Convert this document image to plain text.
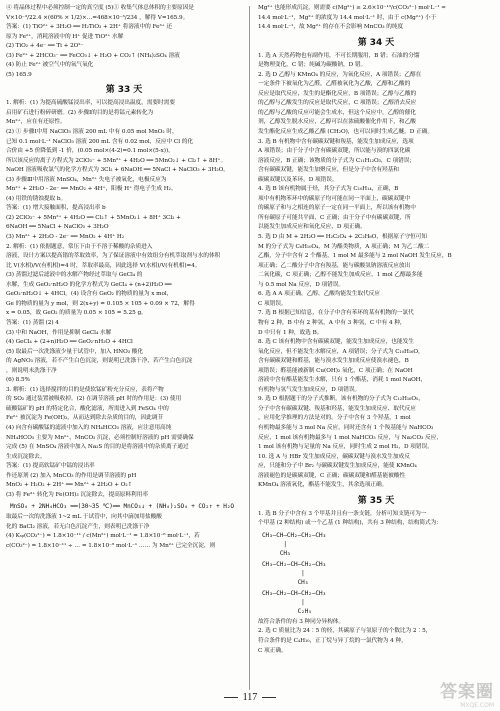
④ 将晶体过程中必须控制一定的真空度 (5)① 收集气体总体积的主要原因是
V×10⁻³/22.4 ×(60% × 1/2)×…=468×10⁻³/234 ，解得 V=165.9。
答案：(1) TiO²⁺ + 3H₂O ══ H₂TiO₃ + 2H⁺ 将溶液中的 Fe³⁺ 还
原为 Fe²⁺，消耗溶液中的 H⁺ 促进 TiO²⁺ 水解
(2) TiO₂ + 4e⁻ ══ Ti + 2O²⁻
(3) Fe²⁺ + 2HCO₃⁻ ══ FeCO₃↓ + H₂O + CO₂↑ (NH₄)₂SO₄ 溶液
(4) 防止 Fe²⁺ 被空气中的氧气氧化
(5) 165.9
第 33 天
1. 解析：(1) 为提高硫酸锰浸出率，可以提高浸出温度，需要时需要
启用矿石进行粉碎研磨。(2) 步骤Ⅰ的目的是将锰元素转化为
Mn²⁺，应在有还原性。
(2) ① 步骤Ⅰ中用 NaClO₃ 溶液 200 mL 中有 0.05 mol MnO₂ 时，
已知 0.1 mol·L⁻¹ NaClO₃ 溶液 200 mL 含有 0.02 mol，反应中 Cl 的化
合价由 +5 价降低到 -1 价，(0.05 mol×(4-2)=0.1 mol×(5-x))，
所以该反应的离子方程式为 2ClO₃⁻ + 5Mn²⁺ + 4H₂O ══ 5MnO₂↓ + Cl₂↑ + 8H⁺。
NaOH 溶液吸收氯气的化学方程式为 3Cl₂ + 6NaOH ══ 5NaCl + NaClO₃ + 3H₂O。
(3) 步骤Ⅲ中用溶液 MnSO₄，Mn²⁺ 失电子被氧化，电极反应为
Mn²⁺ + 2H₂O - 2e⁻ ══ MnO₂ + 4H⁺，阳极 H⁺ 得电子生成 H₂。
(4) 用铁的锈蚀提取 b。
答案：(1) 增大接触面积，提高浸出率 b
(2) 2ClO₃⁻ + 5Mn²⁺ + 4H₂O ══ Cl₂↑ + 5MnO₂↓ + 8H⁺ 3Cl₂ +
6NaOH ══ 5NaCl + NaClO₃ + 3H₂O
(3) Mn²⁺ + 2H₂O - 2e⁻ ══ MnO₂ + 4H⁺ H₂
2. 解析：(1) 依据题意，常压下由于不溶于稀酸的杂质进入
溶液，设计方案以提高锗的萃取效率，为了保证溶液中有效组分有机萃取剂与水的体积
比 V(水相)/V(有机相)=4 时，萃取率最高，因此选择 V(水相)/V(有机相)=4。
(3) 蒸馏过滤后滤液中的水解产物经过萃取与 GeCl₄ 的
水解，生成 GeO₂·nH₂O 的化学方程式为 GeCl₄ + (n+2)H₂O ══
GeO₂·nH₂O↓ + 4HCl。(4) 设含有 GeO₂ 的物质的量为 x mol，
Ge 的物质的量为 y mol，则 2(x+y) = 0.105 × 105 + 0.09 × 72，解得
x = 0.05，故 GeO₂ 的质量为 0.05 × 105 = 5.25 g。
答案：(1) 蒸馏 (2) 4
(3) 中和 NaOH，作用是抑制 GeCl₄ 水解
(4) GeCl₄ + (2+n)H₂O ══ GeO₂·nH₂O + 4HCl
(5) 取最后一次洗涤液少量于试管中，加入 HNO₃ 酸化
的 AgNO₃ 溶液，若不产生白色沉淀，则说明已洗涤干净，若产生白色沉淀
，则说明未洗涤干净
(6) 8.5%
3. 解析：(1) 选择搅拌的目的是使软锰矿粉充分反应，表将产物
的 SO₂ 通过装置被吸收掉。(2) 在调节溶液 pH 时的作用是：(3) 使用
硫酸锰矿的 pH 的特定化合，酸化滤液，所需进入到 FeSO₄ 中的
Fe²⁺ 被沉淀为 Fe(OH)₃，从而达到除去杂质的目的，因此调节
(4) 向含有碳酸锰的滤液中加入的 NH₄HCO₃ 溶液，应注意用高纯
NH₄HCO₃ 主要为 Mn²⁺、MnCO₃ 沉淀，必须控制好溶液的 pH 需要确保
完成 (5) 在 MnSO₄ 溶液中加入 Na₂S 的目的是将溶液中的杂质离子通过
生成沉淀除去。
答案：(1) 提高软锰矿中锰的浸出率
作还原剂 (2) 加入 MnCO₃ 的作用是调节溶液的 pH
MnO₂ + H₂O₂ + 2H⁺ ══ Mn²⁺ + 2H₂O + O₂↑
(3) 将 Fe³⁺ 转化为 Fe(OH)₃ 沉淀除去，提高原料利用率
MnSO₄ + 2NH₄HCO₃ ══(30~35 ℃)══ MnCO₃↓ + (NH₄)₂SO₄ + CO₂↑ + H₂O
取最后一次的洗涤液 1~2 mL 于试管中，向其中滴加用盐酸酸
化的 BaCl₂ 溶液，若无白色沉淀产生，则表明已洗涤干净
(4) Kₛₚ(CO₃²⁻) = 1.8×10⁻¹¹ / c(Mn²⁺) mol·L⁻¹ = 1.8×10⁻⁶ mol·L⁻¹，若
c(CO₃²⁻) = 1.8×10⁻¹¹ ÷ … = 1.8×10⁻⁶ mol·L⁻¹ …… 为 Mn²⁺ 已完全沉淀，则
Mg²⁺ 也能形成沉淀，则需要 c(Mg²⁺) ≥ 2.6×10⁻¹³/c(CO₃²⁻) mol·L⁻¹ ≈
14.4 mol·L⁻¹，Mg²⁺ 的浓度为 14.4 mol·L⁻¹ 时，由于 c(Mg²⁺) 小于
14.4 mol·L⁻¹，故 Mg²⁺ 的存在不会影响 MnCO₃ 的纯度
第 34 天
1. 选 A 天然药物也有副作用，不可长期服用，B 错；石油的分馏
是物理变化，C 错；纯碱为碳酸钠，D 错。
2. 选 D 乙醇与 KMnO₄ 的反应，为氧化反应，A 项错误；乙醇在
一定条件下被氧化为乙醛，乙醛被氧化为乙酸，乙醇和乙酸的
反应是取代反应，发生的是酯化反应，B 项错误；乙醇与乙酸的
的乙醇与乙酸发生的反应是取代反应，C 项错误；乙醇消去反应
的乙醇与乙酸的反应可能会生成水，但这个反应中，乙醇的催化
剂，乙醇发生脱水反应，乙醇可以在浓硫酸催化作用下，和乙酸
发生酯化反应生成乙酸乙酯 (CH₂O)，也可以同时生成乙醚，D 正确。
3. 选 B 有机物中含有碳碳双键和羧基，能发生加成反应，选项
A 项错误；由于分子中含有碳碳双键，所以能与溴的四氯化碳
溶液反应，B 正确；该物质的分子式为 C₁₁H₁₂O₃，C 项错误；
含有碳碳双键，能发生加聚反应，但是分子中含有羟基和
碳碳双键以及苯环，D 项错误。
4. 选 B 该有机物属于烃，其分子式为 C₁₀H₁₄，正确，B
项中有机物苯环中的碳原子均可能在同一平面上，碳碳双键中
的碳原子和与之相连的原子一定在同一平面上，所以该有机物中
所有碳原子可能共平面，C 正确；由于分子中有碳碳双键，所
以能发生加成反应和氧化反应，D 项正确。
5. 选 D 由 M + 2H₂O ══ H₂C₂O₄ + 2C₂H₆O，根据原子守恒可知
M 的分子式为 C₆H₁₀O₄，M 为酯类物质，A 项正确；M 为乙二酸二
乙酯，分子中含有 2 个酯基，1 mol M 最多能与 2 mol NaOH 发生反应，B
项正确；乙二酸分子中含有羧基，能与碳酸氢钠溶液反应放出
二氧化碳，C 项正确；乙醇不能发生加成反应，1 mol 乙醇最多能
与 0.5 mol Na 反应，D 项错误。
6. 选 A A 项正确，乙醇、乙酸均能发生取代反应
C 项错误。
7. 选 B 根据已知信息，在分子中含有苯环的某有机物的一氯代
物有 2 种，B 中有 2 种氢，A 中有 3 种氢，C 中有 4 种，
D 中只有 1 种，故选 B。
8. 选 C 该有机物中含有碳碳双键，能发生加成反应，也能发生
氧化反应，但不能发生水解反应，A 项错误；分子式为 C₁₀H₁₆O，
含有碳碳双键和醛基，能与溴水发生加成反应使溴水褪色，B
项错误；醛基能被新制 Cu(OH)₂ 氧化，C 项正确；在 NaOH
溶液中含有酯基能发生水解，只有 1 个酯基，消耗 1 mol NaOH，
有机物与氢气发生加成反应，D 项错误。
9. 选 D 根据题干的分子式推断，该有机物的分子式为 C₁₂H₁₆O₅，
分子中含有碳碳双键、羧基和羟基，能发生加成反应、取代反应
，应用化学推理的方法是对的。分子中含有 3 个羟基，1 mol
有机物最多能与 3 mol Na 反应，同时还含有 1 个羧基能与 NaHCO₃
反应，1 mol 该有机物最多与 1 mol NaHCO₃ 反应，与 Na₂CO₃ 反应，
1 mol 该有机物与足量的 Na 反应，同时生成 2 mol H₂，D 项错误。
10. 选 A 与 HBr 发生加成反应，碳碳双键与溴水发生加成反
应，只能和分子中 Br₂ 与碳碳双键发生加成反应，能使 KMnO₄
溶液褪色的是碳碳双键，C 正确；碳碳双键和醛基能被酸性
KMnO₄ 溶液氧化，酯基不能发生，其余选项正确。
第 35 天
1. 选 B 分子中含有 3 个甲基并且有一条支链，分析可知支链可为一
个甲基 (2 种结构) 或一个乙基 (1 种结构)，共有 3 种结构，结构简式为：
CH₃—CH—CH₂—CH₂—CH₃
|
CH₃
CH₃—CH₂—CH—CH₂—CH₃
|
CH₃
CH₃—CH₂—CH—CH₂—CH₃
|
C₂H₅
故符合条件的有 3 种同分异构体。
2. 选 C 质量比为 24∶5 的烃，其碳原子与氢原子的个数比为 2∶5，
符合条件的是 C₄H₁₀，正丁烷与异丁烷的一氯代物为 4 种，
C 项正确。
117	答案圈
MXQE.COM
